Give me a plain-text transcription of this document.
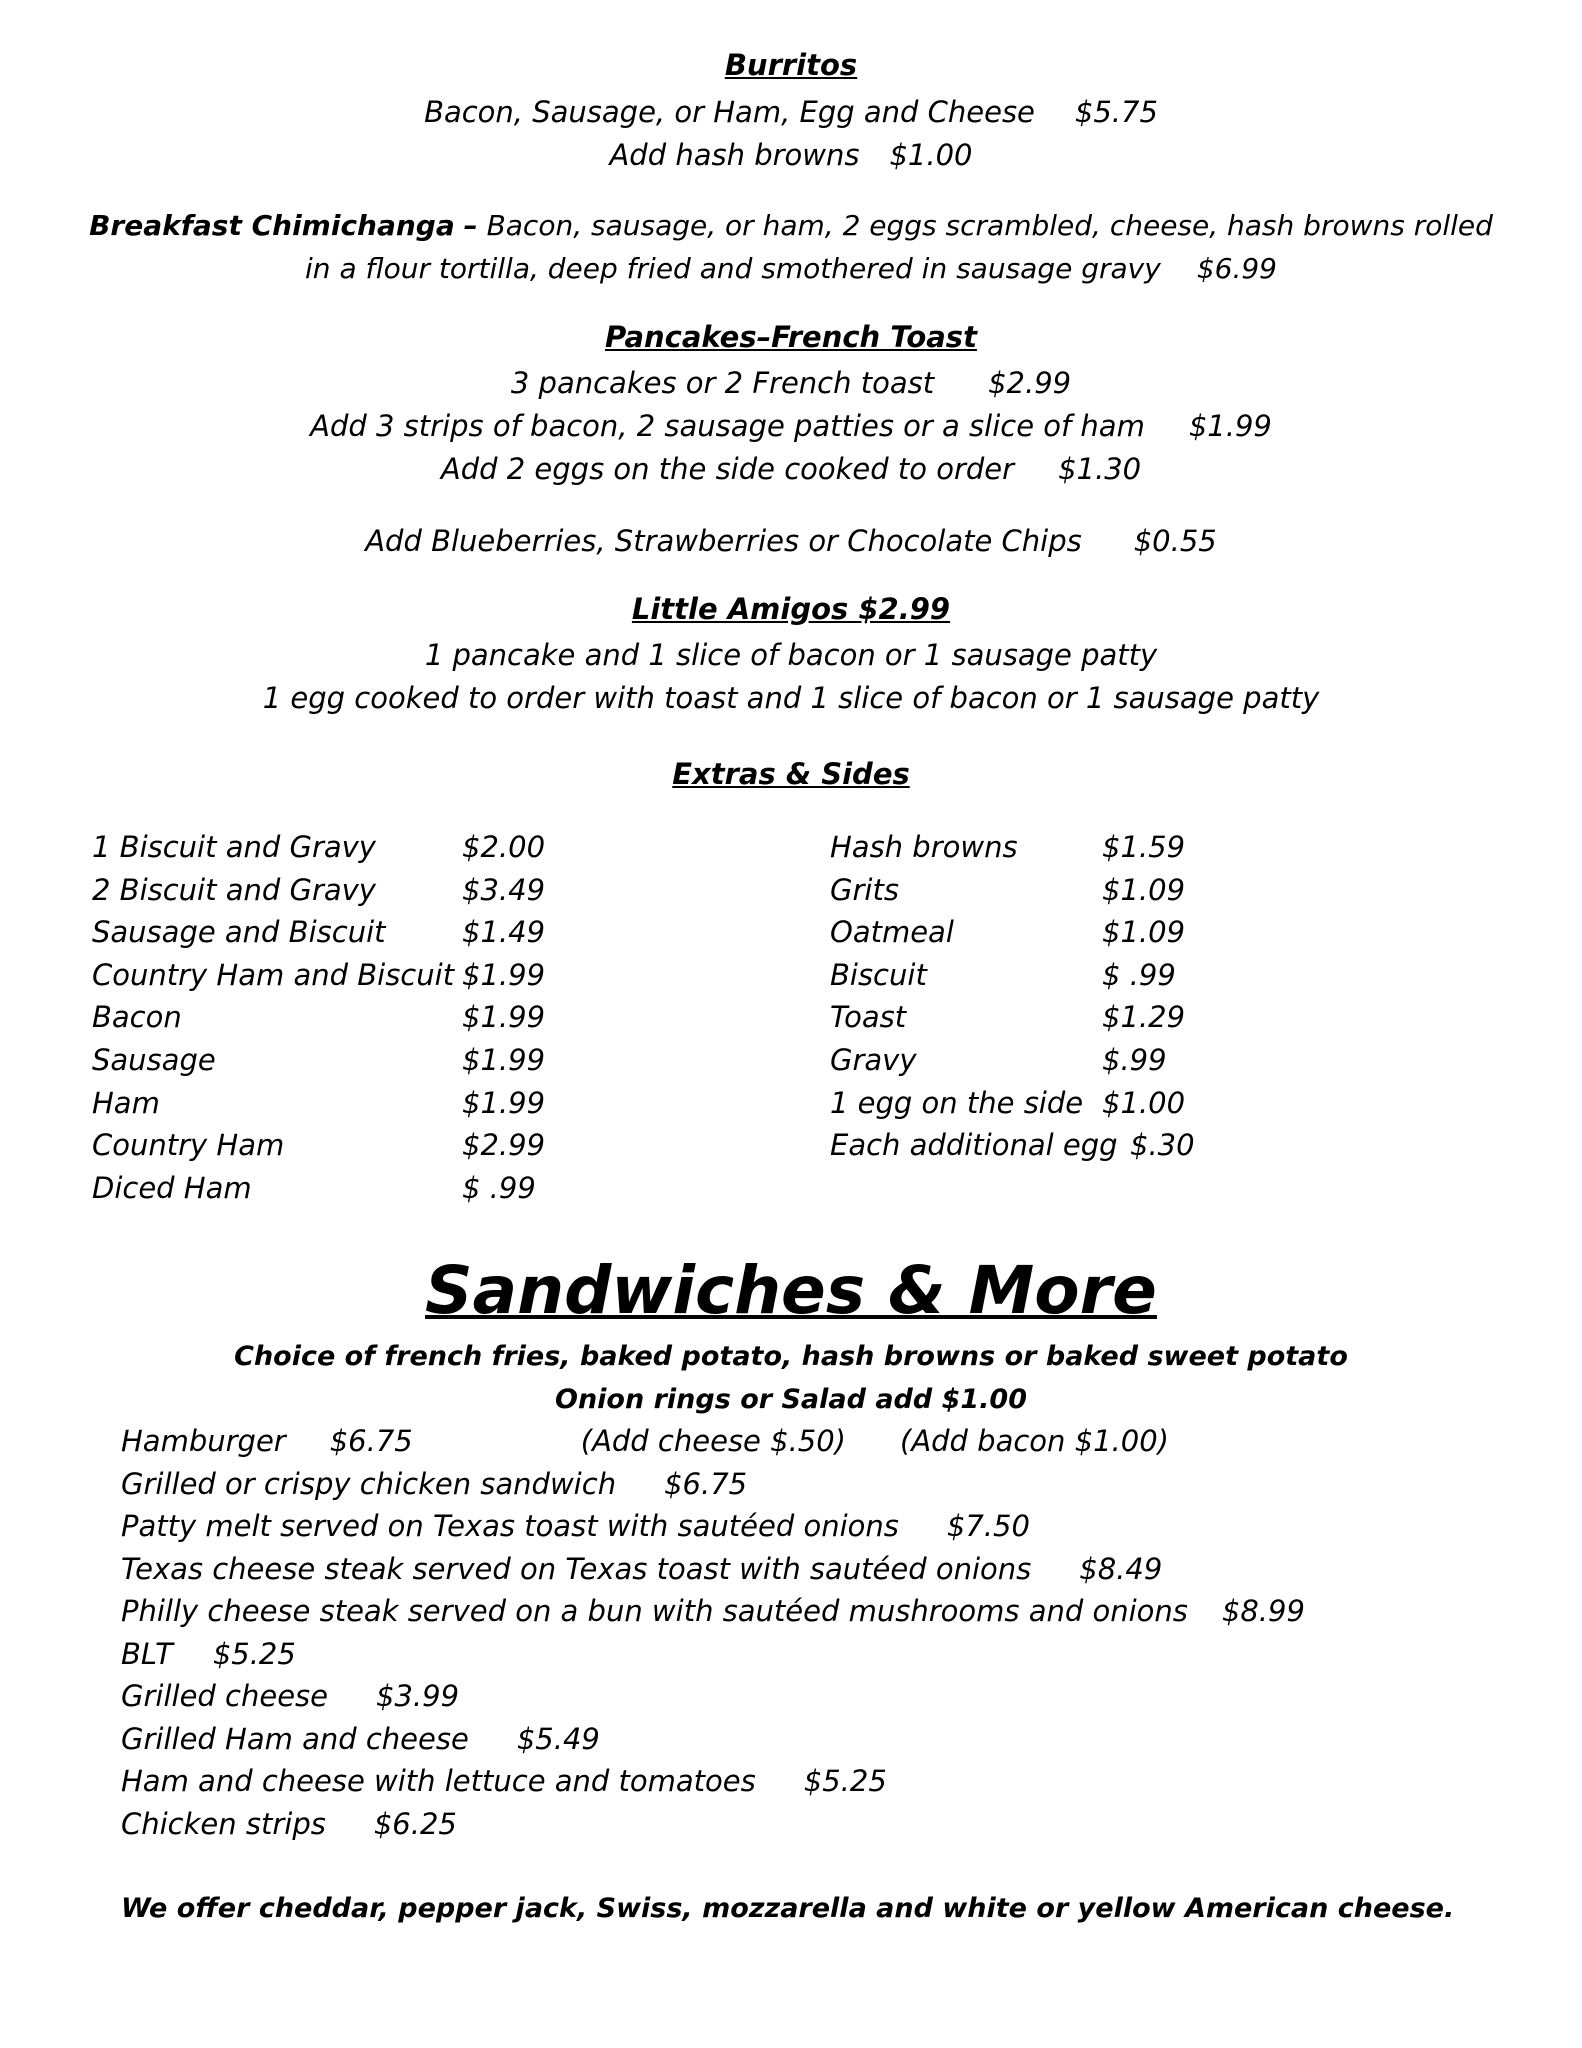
Burritos
Bacon, Sausage, or Ham, Egg and Cheese $5.75
Add hash browns $1.00
Breakfast Chimichanga – Bacon, sausage, or ham, 2 eggs scrambled, cheese, hash browns rolled
in a flour tortilla, deep fried and smothered in sausage gravy $6.99
Pancakes–French Toast
3 pancakes or 2 French toast $2.99
Add 3 strips of bacon, 2 sausage patties or a slice of ham $1.99
Add 2 eggs on the side cooked to order $1.30
Add Blueberries, Strawberries or Chocolate Chips $0.55
Little Amigos $2.99
1 pancake and 1 slice of bacon or 1 sausage patty
1 egg cooked to order with toast and 1 slice of bacon or 1 sausage patty
Extras & Sides
1 Biscuit and Gravy	$2.00
2 Biscuit and Gravy	$3.49
Sausage and Biscuit	$1.49
Country Ham and Biscuit $1.99
Bacon	$1.99
Sausage	$1.99
Ham	$1.99
Country Ham	$2.99
Diced Ham	$ .99
Hash browns	$1.59
Grits	$1.09
Oatmeal	$1.09
Biscuit	$ .99
Toast	$1.29
Gravy	$.99
1 egg on the side $1.00
Each additional egg $.30
Sandwiches & More
Choice of french fries, baked potato, hash browns or baked sweet potato
Onion rings or Salad add $1.00
Hamburger $6.75	(Add cheese $.50) (Add bacon $1.00)
Grilled or crispy chicken sandwich $6.75
Patty melt served on Texas toast with sautéed onions $7.50
Texas cheese steak served on Texas toast with sautéed onions $8.49
Philly cheese steak served on a bun with sautéed mushrooms and onions $8.99
BLT $5.25
Grilled cheese $3.99
Grilled Ham and cheese $5.49
Ham and cheese with lettuce and tomatoes $5.25
Chicken strips $6.25
We offer cheddar, pepper jack, Swiss, mozzarella and white or yellow American cheese.
